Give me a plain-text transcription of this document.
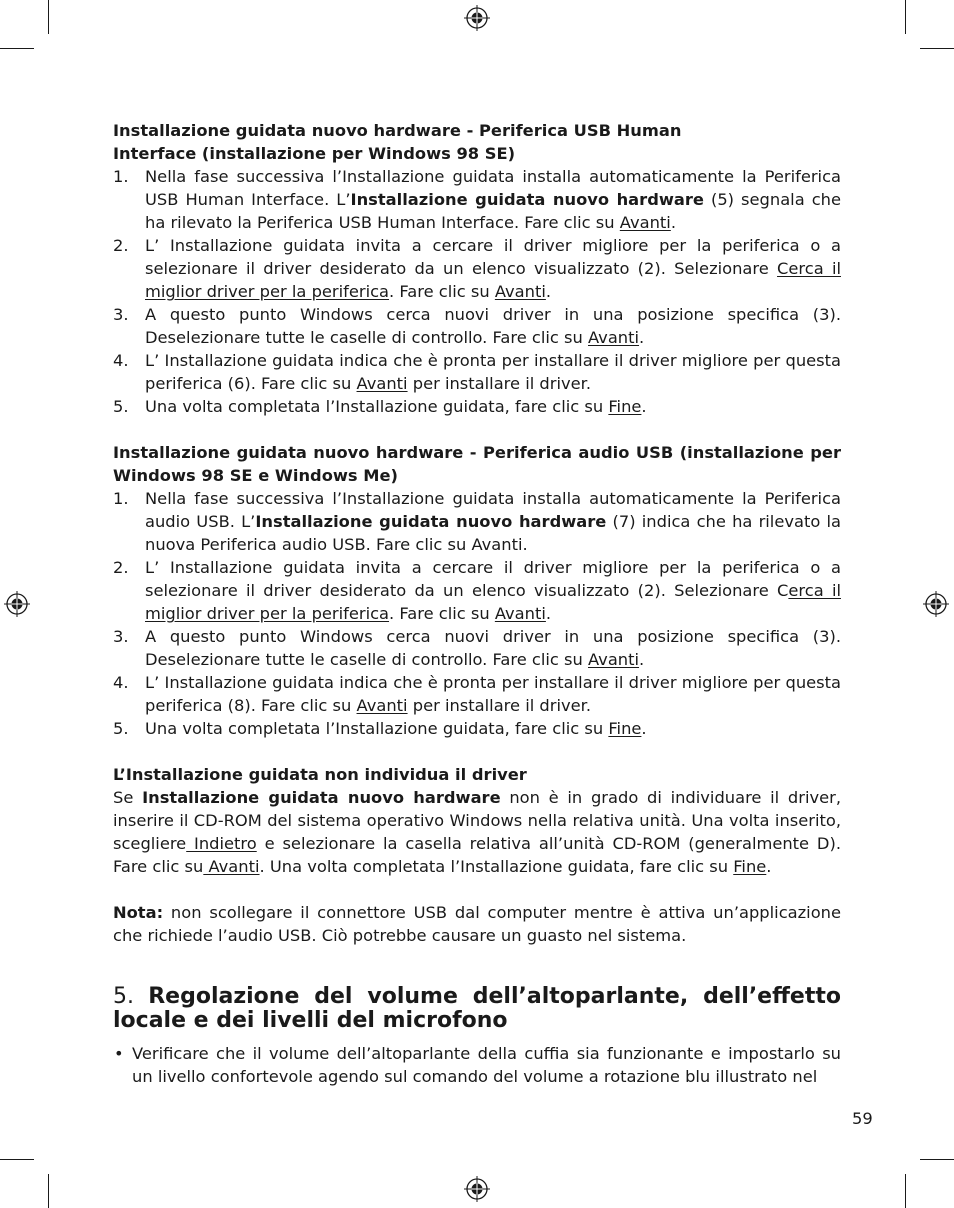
Installazione guidata nuovo hardware - Periferica USB Human Interface (installazione per Windows 98 SE)
1. Nella fase successiva l’Installazione guidata installa automaticamente la Periferica USB Human Interface. L’Installazione guidata nuovo hardware (5) segnala che ha rilevato la Periferica USB Human Interface. Fare clic su Avanti.
2. L’ Installazione guidata invita a cercare il driver migliore per la periferica o a selezionare il driver desiderato da un elenco visualizzato (2). Selezionare Cerca il miglior driver per la periferica. Fare clic su Avanti.
3. A questo punto Windows cerca nuovi driver in una posizione specifica (3). Deselezionare tutte le caselle di controllo. Fare clic su Avanti.
4. L’ Installazione guidata indica che è pronta per installare il driver migliore per questa periferica (6). Fare clic su Avanti per installare il driver.
5. Una volta completata l’Installazione guidata, fare clic su Fine.
Installazione guidata nuovo hardware - Periferica audio USB (installazione per Windows 98 SE e Windows Me)
1. Nella fase successiva l’Installazione guidata installa automaticamente la Periferica audio USB. L’Installazione guidata nuovo hardware (7) indica che ha rilevato la nuova Periferica audio USB. Fare clic su Avanti.
2. L’ Installazione guidata invita a cercare il driver migliore per la periferica o a selezionare il driver desiderato da un elenco visualizzato (2). Selezionare Cerca il miglior driver per la periferica. Fare clic su Avanti.
3. A questo punto Windows cerca nuovi driver in una posizione specifica (3). Deselezionare tutte le caselle di controllo. Fare clic su Avanti.
4. L’ Installazione guidata indica che è pronta per installare il driver migliore per questa periferica (8). Fare clic su Avanti per installare il driver.
5. Una volta completata l’Installazione guidata, fare clic su Fine.
L’Installazione guidata non individua il driver
Se Installazione guidata nuovo hardware non è in grado di individuare il driver, inserire il CD-ROM del sistema operativo Windows nella relativa unità. Una volta inserito, scegliere Indietro e selezionare la casella relativa all’unità CD-ROM (generalmente D). Fare clic su Avanti. Una volta completata l’Installazione guidata, fare clic su Fine.
Nota: non scollegare il connettore USB dal computer mentre è attiva un’applicazione che richiede l’audio USB. Ciò potrebbe causare un guasto nel sistema.
5. Regolazione del volume dell’altoparlante, dell’effetto locale e dei livelli del microfono
• Verificare che il volume dell’altoparlante della cuffia sia funzionante e impostarlo su un livello confortevole agendo sul comando del volume a rotazione blu illustrato nel
59
